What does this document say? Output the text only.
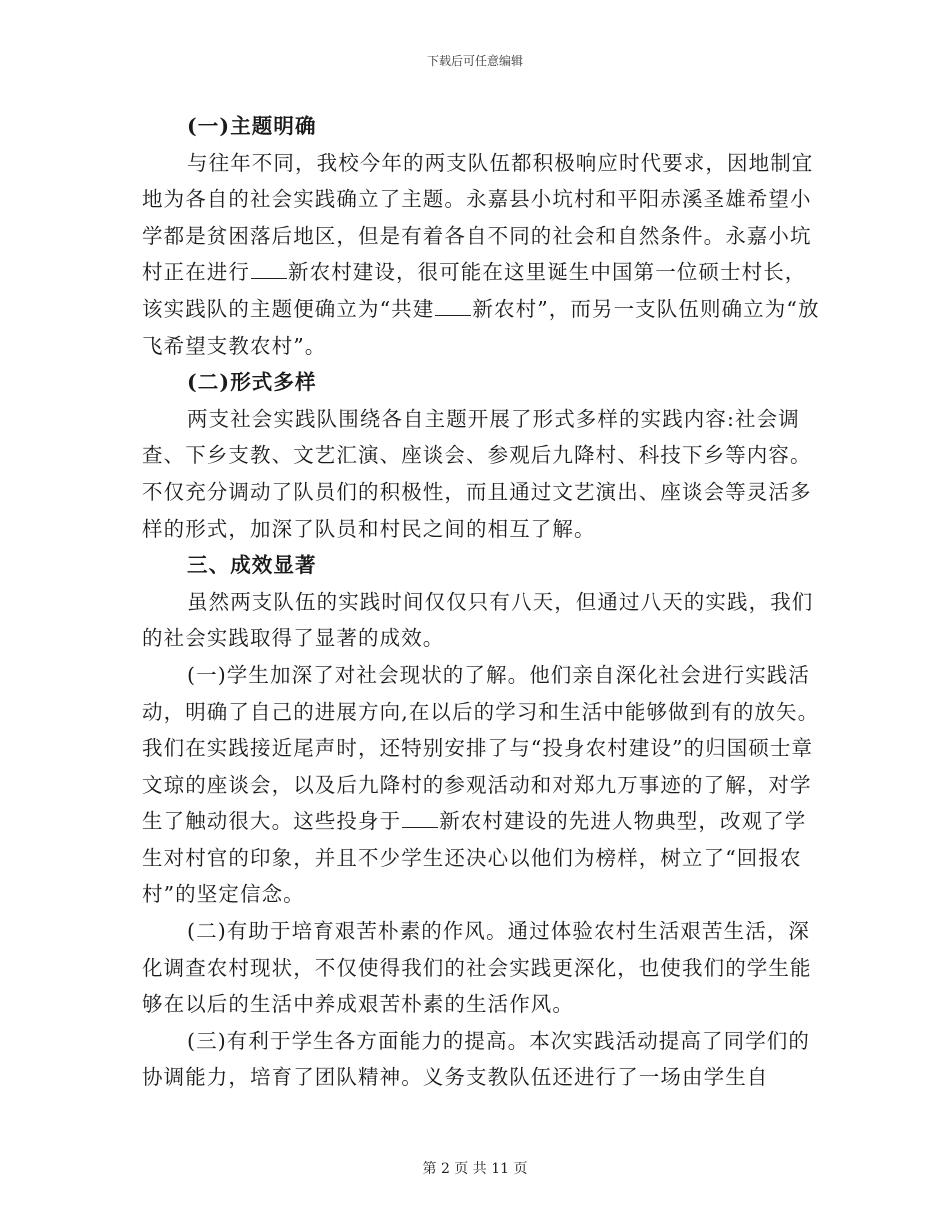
下载后可任意编辑

(一)主题明确

与往年不同，我校今年的两支队伍都积极响应时代要求，因地制宜地为各自的社会实践确立了主题。永嘉县小坑村和平阳赤溪圣雄希望小学都是贫困落后地区，但是有着各自不同的社会和自然条件。永嘉小坑村正在进行 新农村建设，很可能在这里诞生中国第一位硕士村长，该实践队的主题便确立为“共建 新农村”，而另一支队伍则确立为“放飞希望支教农村”。

(二)形式多样

两支社会实践队围绕各自主题开展了形式多样的实践内容:社会调查、下乡支教、文艺汇演、座谈会、参观后九降村、科技下乡等内容。不仅充分调动了队员们的积极性，而且通过文艺演出、座谈会等灵活多样的形式，加深了队员和村民之间的相互了解。

三、成效显著

虽然两支队伍的实践时间仅仅只有八天，但通过八天的实践，我们的社会实践取得了显著的成效。

(一)学生加深了对社会现状的了解。他们亲自深化社会进行实践活动，明确了自己的进展方向,在以后的学习和生活中能够做到有的放矢。我们在实践接近尾声时，还特别安排了与“投身农村建设”的归国硕士章文琼的座谈会，以及后九降村的参观活动和对郑九万事迹的了解，对学生了触动很大。这些投身于 新农村建设的先进人物典型，改观了学生对村官的印象，并且不少学生还决心以他们为榜样，树立了“回报农村”的坚定信念。

(二)有助于培育艰苦朴素的作风。通过体验农村生活艰苦生活，深化调查农村现状，不仅使得我们的社会实践更深化，也使我们的学生能够在以后的生活中养成艰苦朴素的生活作风。

(三)有利于学生各方面能力的提高。本次实践活动提高了同学们的协调能力，培育了团队精神。义务支教队伍还进行了一场由学生自

第 2 页 共 11 页
